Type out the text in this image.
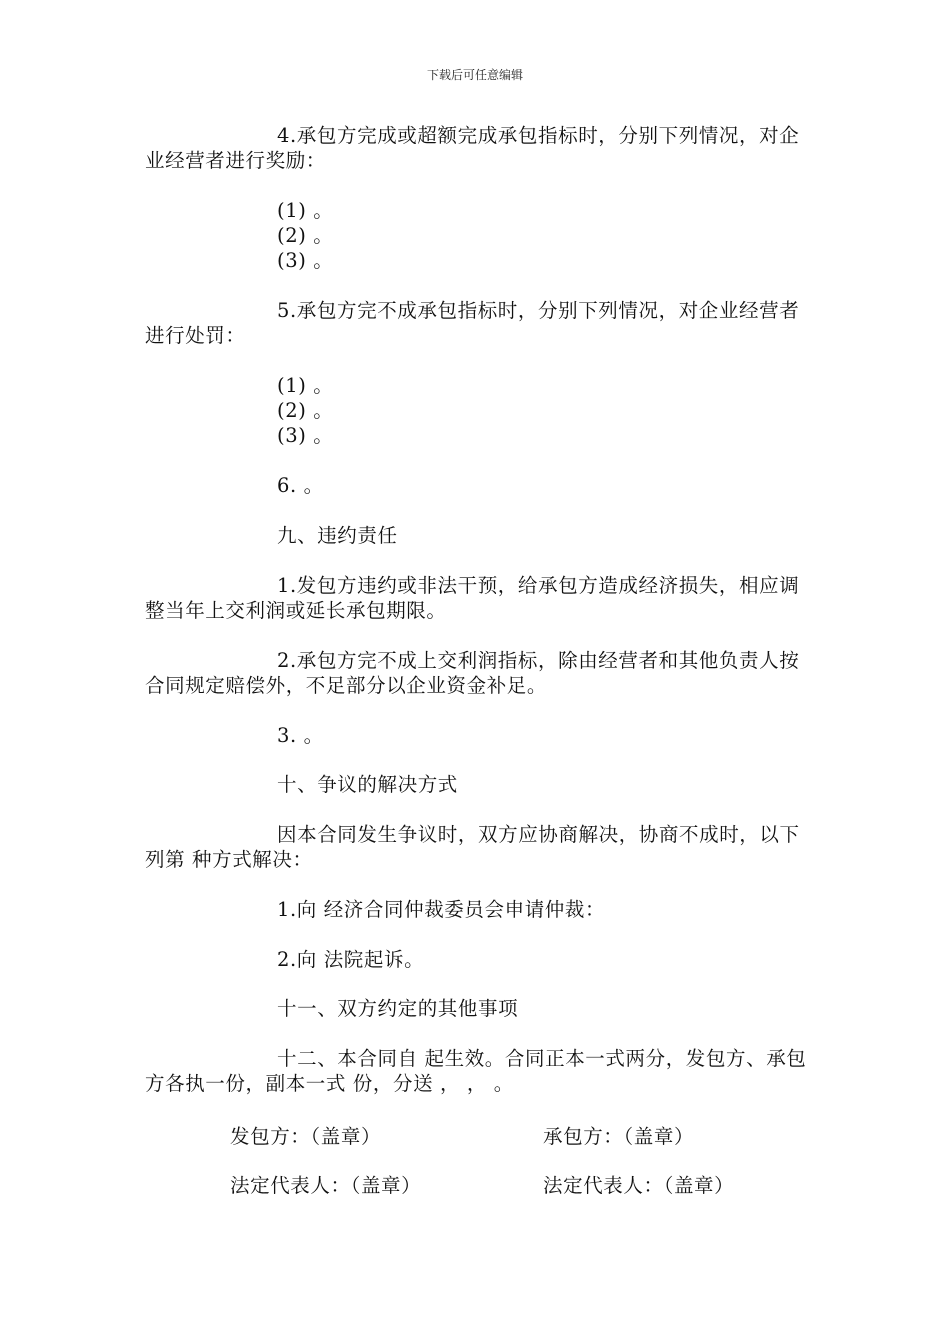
下载后可任意编辑

4.承包方完成或超额完成承包指标时，分别下列情况，对企业经营者进行奖励：

(1) 。

(2) 。

(3) 。

5.承包方完不成承包指标时，分别下列情况，对企业经营者进行处罚：

(1) 。

(2) 。

(3) 。

6. 。

九、违约责任

1.发包方违约或非法干预，给承包方造成经济损失，相应调整当年上交利润或延长承包期限。

2.承包方完不成上交利润指标，除由经营者和其他负责人按合同规定赔偿外，不足部分以企业资金补足。

3. 。

十、争议的解决方式

因本合同发生争议时，双方应协商解决，协商不成时，以下列第 种方式解决：

1.向 经济合同仲裁委员会申请仲裁：

2.向 法院起诉。

十一、双方约定的其他事项

十二、本合同自 起生效。合同正本一式两分，发包方、承包方各执一份，副本一式 份，分送 ， ， 。

发包方：（盖章）	承包方：（盖章）
法定代表人：（盖章）	法定代表人：（盖章）
